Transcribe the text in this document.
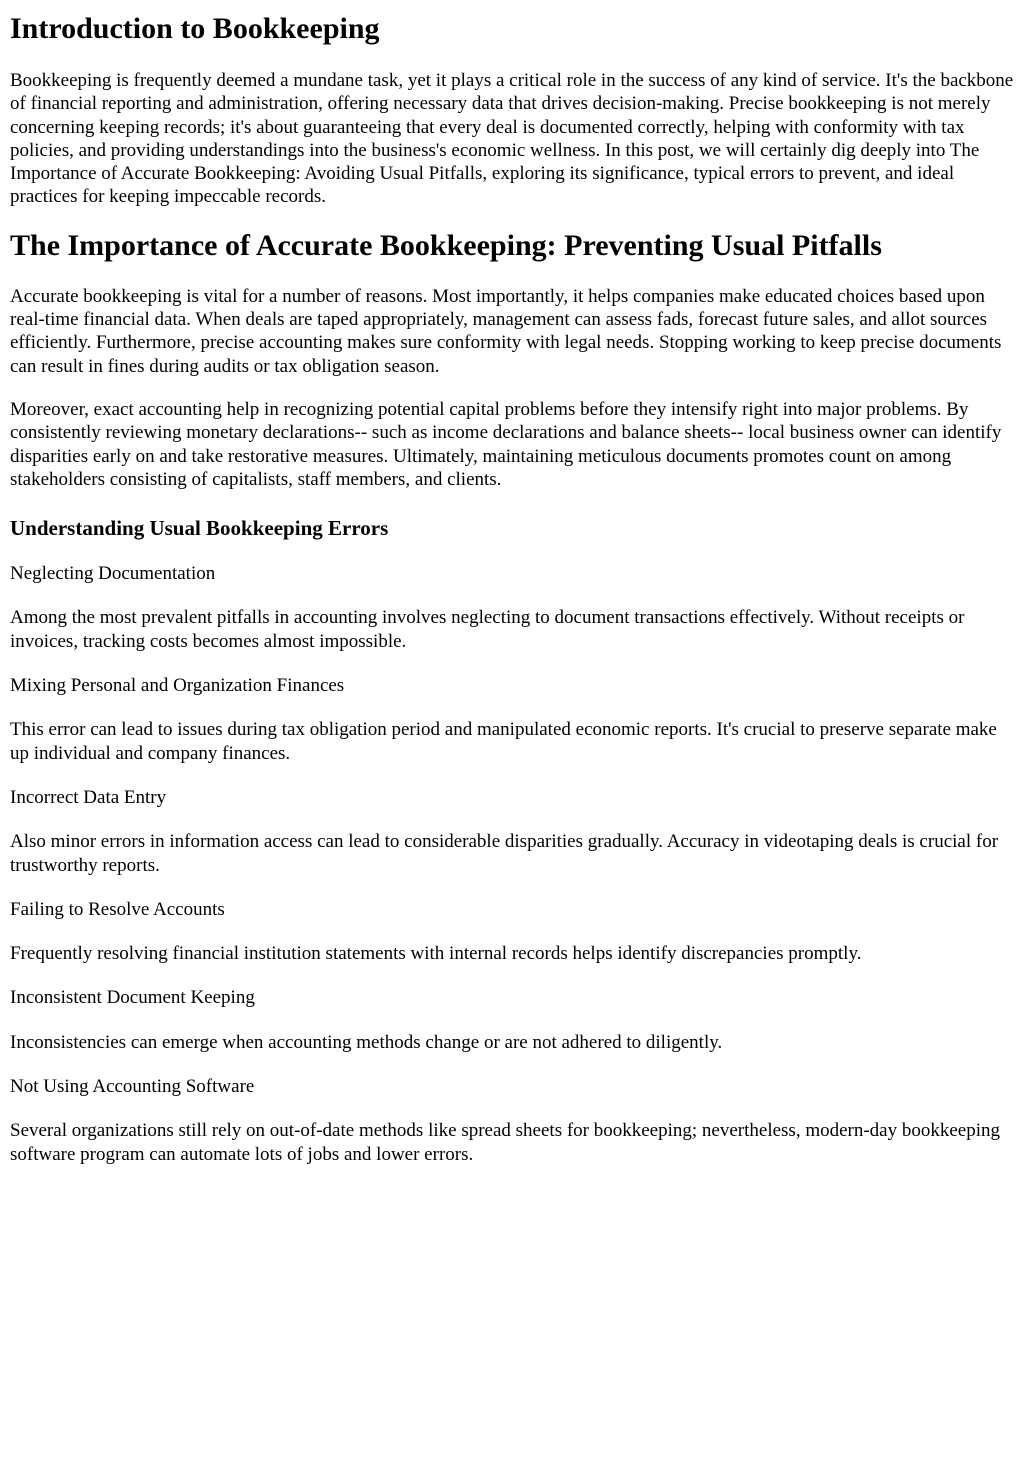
Introduction to Bookkeeping

Bookkeeping is frequently deemed a mundane task, yet it plays a critical role in the success of any kind of service. It's the backbone of financial reporting and administration, offering necessary data that drives decision-making. Precise bookkeeping is not merely concerning keeping records; it's about guaranteeing that every deal is documented correctly, helping with conformity with tax policies, and providing understandings into the business's economic wellness. In this post, we will certainly dig deeply into The Importance of Accurate Bookkeeping: Avoiding Usual Pitfalls, exploring its significance, typical errors to prevent, and ideal practices for keeping impeccable records.

The Importance of Accurate Bookkeeping: Preventing Usual Pitfalls

Accurate bookkeeping is vital for a number of reasons. Most importantly, it helps companies make educated choices based upon real-time financial data. When deals are taped appropriately, management can assess fads, forecast future sales, and allot sources efficiently. Furthermore, precise accounting makes sure conformity with legal needs. Stopping working to keep precise documents can result in fines during audits or tax obligation season.

Moreover, exact accounting help in recognizing potential capital problems before they intensify right into major problems. By consistently reviewing monetary declarations-- such as income declarations and balance sheets-- local business owner can identify disparities early on and take restorative measures. Ultimately, maintaining meticulous documents promotes count on among stakeholders consisting of capitalists, staff members, and clients.

Understanding Usual Bookkeeping Errors

Neglecting Documentation

Among the most prevalent pitfalls in accounting involves neglecting to document transactions effectively. Without receipts or invoices, tracking costs becomes almost impossible.

Mixing Personal and Organization Finances

This error can lead to issues during tax obligation period and manipulated economic reports. It's crucial to preserve separate make up individual and company finances.

Incorrect Data Entry

Also minor errors in information access can lead to considerable disparities gradually. Accuracy in videotaping deals is crucial for trustworthy reports.

Failing to Resolve Accounts

Frequently resolving financial institution statements with internal records helps identify discrepancies promptly.

Inconsistent Document Keeping

Inconsistencies can emerge when accounting methods change or are not adhered to diligently.

Not Using Accounting Software

Several organizations still rely on out-of-date methods like spread sheets for bookkeeping; nevertheless, modern-day bookkeeping software program can automate lots of jobs and lower errors.
